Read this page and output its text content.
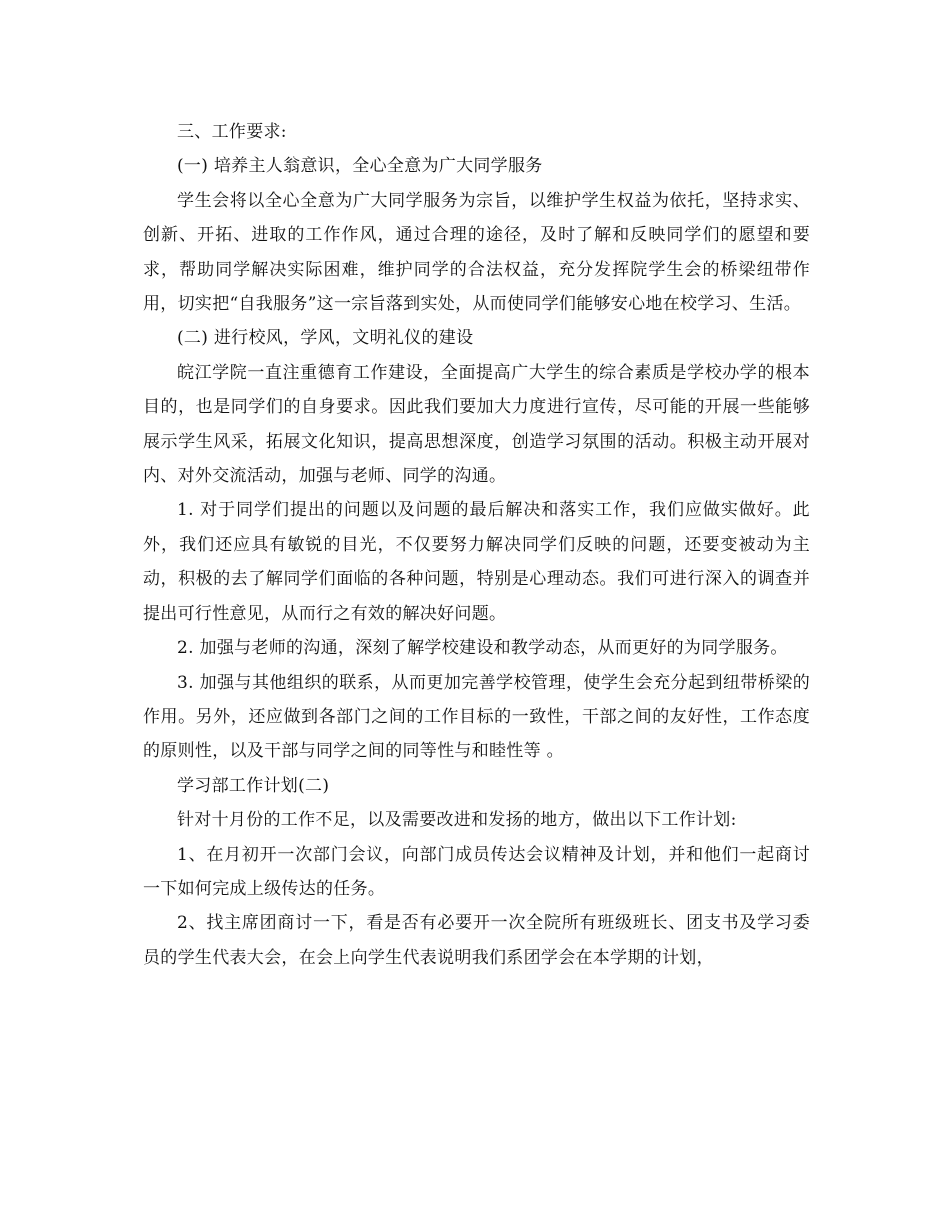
三、工作要求:

(一) 培养主人翁意识，全心全意为广大同学服务

学生会将以全心全意为广大同学服务为宗旨，以维护学生权益为依托，坚持求实、创新、开拓、进取的工作作风，通过合理的途径，及时了解和反映同学们的愿望和要求，帮助同学解决实际困难，维护同学的合法权益，充分发挥院学生会的桥梁纽带作用，切实把“自我服务”这一宗旨落到实处，从而使同学们能够安心地在校学习、生活。

(二) 进行校风，学风，文明礼仪的建设

皖江学院一直注重德育工作建设，全面提高广大学生的综合素质是学校办学的根本目的，也是同学们的自身要求。因此我们要加大力度进行宣传，尽可能的开展一些能够展示学生风采，拓展文化知识，提高思想深度，创造学习氛围的活动。积极主动开展对内、对外交流活动，加强与老师、同学的沟通。

1. 对于同学们提出的问题以及问题的最后解决和落实工作，我们应做实做好。此外，我们还应具有敏锐的目光，不仅要努力解决同学们反映的问题，还要变被动为主动，积极的去了解同学们面临的各种问题，特别是心理动态。我们可进行深入的调查并提出可行性意见，从而行之有效的解决好问题。

2. 加强与老师的沟通，深刻了解学校建设和教学动态，从而更好的为同学服务。

3. 加强与其他组织的联系，从而更加完善学校管理，使学生会充分起到纽带桥梁的作用。另外，还应做到各部门之间的工作目标的一致性，干部之间的友好性，工作态度的原则性，以及干部与同学之间的同等性与和睦性等 。

学习部工作计划(二)

针对十月份的工作不足，以及需要改进和发扬的地方，做出以下工作计划:

1、在月初开一次部门会议，向部门成员传达会议精神及计划，并和他们一起商讨一下如何完成上级传达的任务。

2、找主席团商讨一下，看是否有必要开一次全院所有班级班长、团支书及学习委员的学生代表大会，在会上向学生代表说明我们系团学会在本学期的计划，
